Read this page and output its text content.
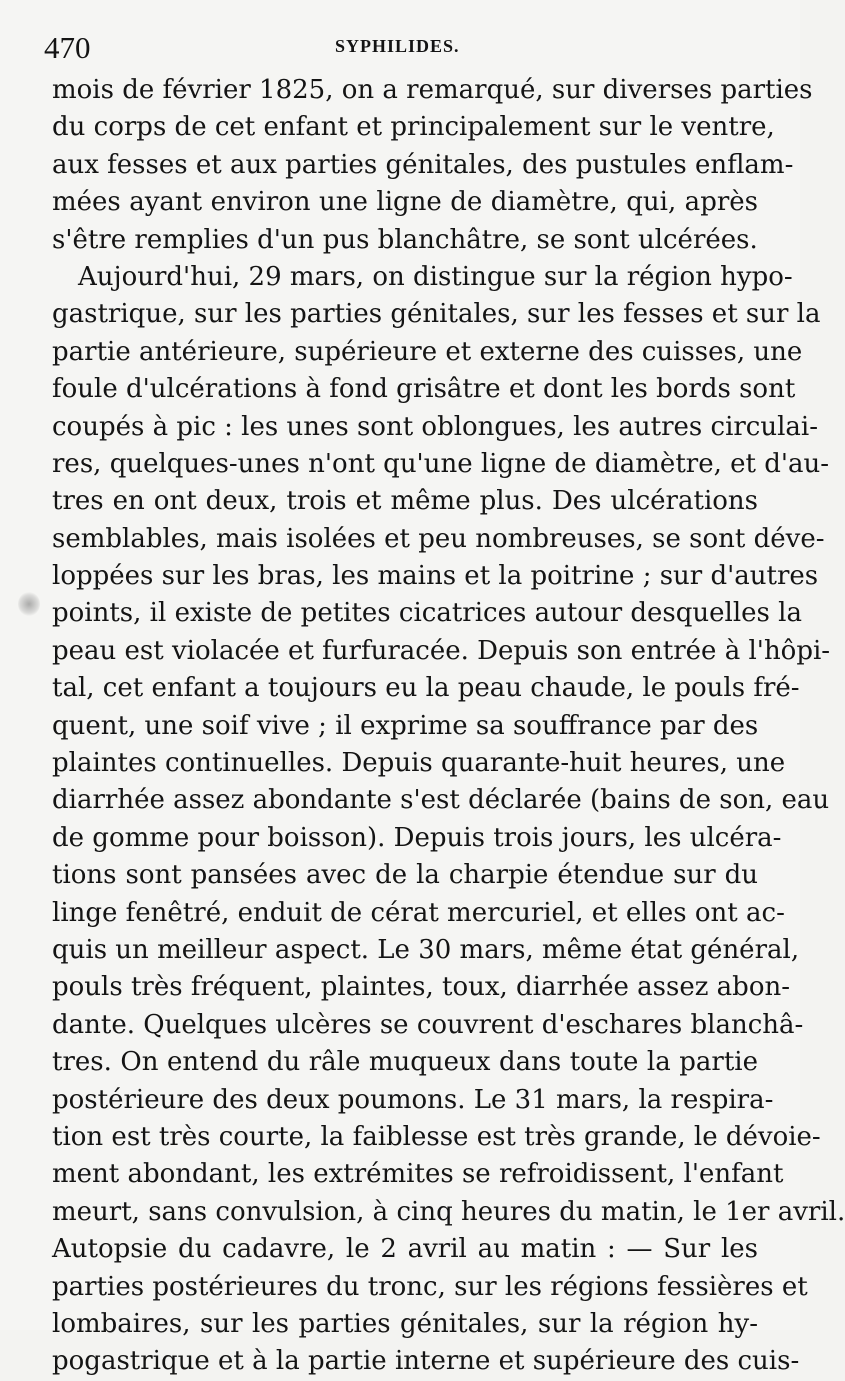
470	SYPHILIDES.
mois de février 1825, on a remarqué, sur diverses parties
du corps de cet enfant et principalement sur le ventre,
aux fesses et aux parties génitales, des pustules enflam-
mées ayant environ une ligne de diamètre, qui, après
s'être remplies d'un pus blanchâtre, se sont ulcérées.
Aujourd'hui, 29 mars, on distingue sur la région hypo-
gastrique, sur les parties génitales, sur les fesses et sur la
partie antérieure, supérieure et externe des cuisses, une
foule d'ulcérations à fond grisâtre et dont les bords sont
coupés à pic : les unes sont oblongues, les autres circulai-
res, quelques-unes n'ont qu'une ligne de diamètre, et d'au-
tres en ont deux, trois et même plus. Des ulcérations
semblables, mais isolées et peu nombreuses, se sont déve-
loppées sur les bras, les mains et la poitrine ; sur d'autres
points, il existe de petites cicatrices autour desquelles la
peau est violacée et furfuracée. Depuis son entrée à l'hôpi-
tal, cet enfant a toujours eu la peau chaude, le pouls fré-
quent, une soif vive ; il exprime sa souffrance par des
plaintes continuelles. Depuis quarante-huit heures, une
diarrhée assez abondante s'est déclarée (bains de son, eau
de gomme pour boisson). Depuis trois jours, les ulcéra-
tions sont pansées avec de la charpie étendue sur du
linge fenêtré, enduit de cérat mercuriel, et elles ont ac-
quis un meilleur aspect. Le 30 mars, même état général,
pouls très fréquent, plaintes, toux, diarrhée assez abon-
dante. Quelques ulcères se couvrent d'eschares blanchâ-
tres. On entend du râle muqueux dans toute la partie
postérieure des deux poumons. Le 31 mars, la respira-
tion est très courte, la faiblesse est très grande, le dévoie-
ment abondant, les extrémites se refroidissent, l'enfant
meurt, sans convulsion, à cinq heures du matin, le 1er avril.
Autopsie du cadavre, le 2 avril au matin : — Sur les
parties postérieures du tronc, sur les régions fessières et
lombaires, sur les parties génitales, sur la région hy-
pogastrique et à la partie interne et supérieure des cuis-
